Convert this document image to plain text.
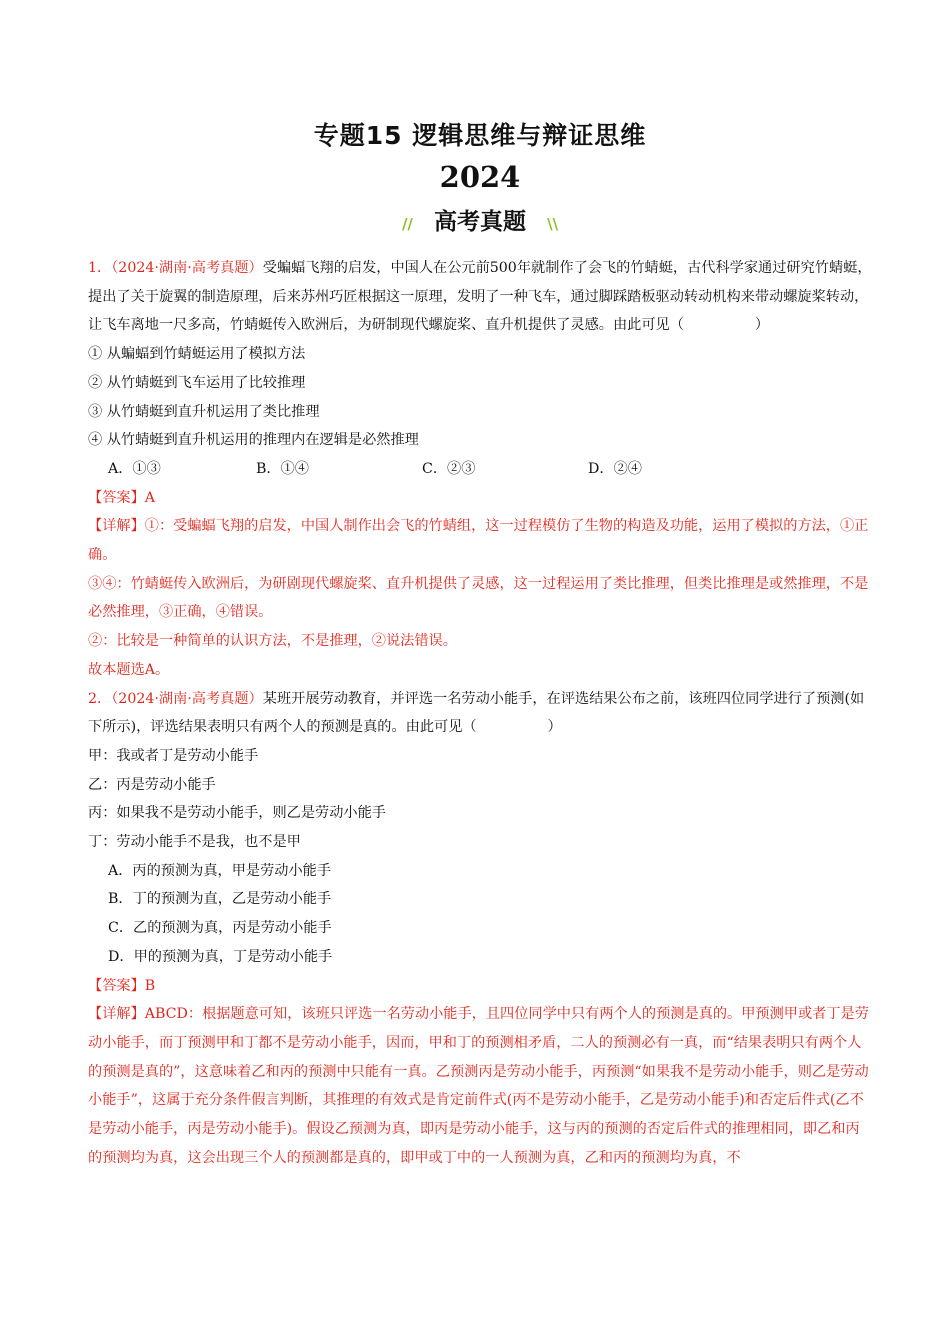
专题15 逻辑思维与辩证思维
2024
// 高考真题 \\

1．（2024·湖南·高考真题）受蝙蝠飞翔的启发，中国人在公元前500年就制作了会飞的竹蜻蜓，古代科学家通过研究竹蜻蜓，提出了关于旋翼的制造原理，后来苏州巧匠根据这一原理，发明了一种飞车，通过脚踩踏板驱动转动机构来带动螺旋桨转动，让飞车离地一尺多高，竹蜻蜓传入欧洲后，为研制现代螺旋桨、直升机提供了灵感。由此可见（　　　　　）

① 从蝙蝠到竹蜻蜓运用了模拟方法

② 从竹蜻蜓到飞车运用了比较推理

③ 从竹蜻蜓到直升机运用了类比推理

④ 从竹蜻蜓到直升机运用的推理内在逻辑是必然推理

A．①③	B．①④	C．②③	D．②④

【答案】A

【详解】①：受蝙蝠飞翔的启发，中国人制作出会飞的竹蜻组，这一过程模仿了生物的构造及功能，运用了模拟的方法，①正确。

③④：竹蜻蜓传入欧洲后，为研剧现代螺旋桨、直升机提供了灵感，这一过程运用了类比推理，但类比推理是或然推理，不是必然推理，③正确，④错误。

②：比较是一种简单的认识方法，不是推理，②说法错误。

故本题选A。

2．（2024·湖南·高考真题）某班开展劳动教育，并评选一名劳动小能手，在评选结果公布之前，该班四位同学进行了预测(如下所示)，评选结果表明只有两个人的预测是真的。由此可见（　　　　　）

甲：我或者丁是劳动小能手

乙：丙是劳动小能手

丙：如果我不是劳动小能手，则乙是劳动小能手

丁：劳动小能手不是我，也不是甲

A．丙的预测为真，甲是劳动小能手

B．丁的预测为直，乙是劳动小能手

C．乙的预测为真，丙是劳动小能手

D．甲的预测为真，丁是劳动小能手

【答案】B

【详解】ABCD：根据题意可知，该班只评选一名劳动小能手，且四位同学中只有两个人的预测是真的。甲预测甲或者丁是劳动小能手，而丁预测甲和丁都不是劳动小能手，因而，甲和丁的预测相矛盾，二人的预测必有一真，而“结果表明只有两个人的预测是真的”，这意味着乙和丙的预测中只能有一真。乙预测丙是劳动小能手，丙预测“如果我不是劳动小能手，则乙是劳动小能手”，这属于充分条件假言判断，其推理的有效式是肯定前件式(丙不是劳动小能手，乙是劳动小能手)和否定后件式(乙不是劳动小能手，丙是劳动小能手)。假设乙预测为真，即丙是劳动小能手，这与丙的预测的否定后件式的推理相同，即乙和丙的预测均为真，这会出现三个人的预测都是真的，即甲或丁中的一人预测为真，乙和丙的预测均为真，不
